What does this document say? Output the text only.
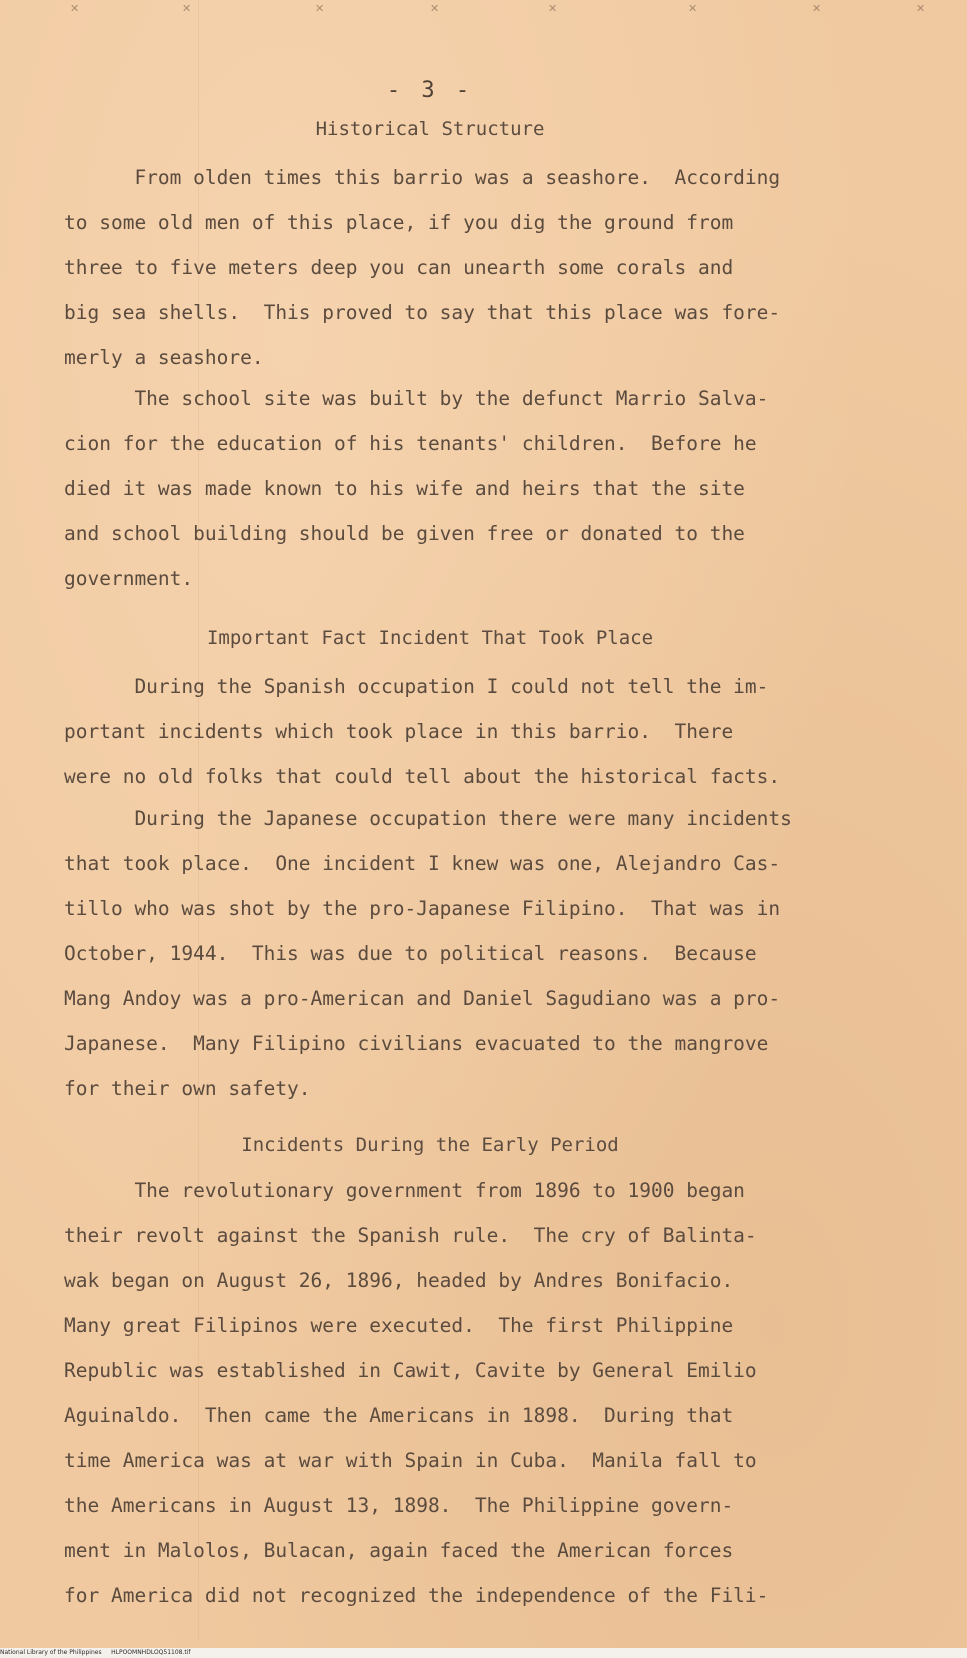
✕	✕	✕	✕	✕	✕	✕	✕
- 3 -
Historical Structure
From olden times this barrio was a seashore.  According
to some old men of this place, if you dig the ground from
three to five meters deep you can unearth some corals and
big sea shells.  This proved to say that this place was fore-
merly a seashore.
The school site was built by the defunct Marrio Salva-
cion for the education of his tenants' children.  Before he
died it was made known to his wife and heirs that the site
and school building should be given free or donated to the
government.
Important Fact Incident That Took Place
During the Spanish occupation I could not tell the im-
portant incidents which took place in this barrio.  There
were no old folks that could tell about the historical facts.
During the Japanese occupation there were many incidents
that took place.  One incident I knew was one, Alejandro Cas-
tillo who was shot by the pro-Japanese Filipino.  That was in
October, 1944.  This was due to political reasons.  Because
Mang Andoy was a pro-American and Daniel Sagudiano was a pro-
Japanese.  Many Filipino civilians evacuated to the mangrove
for their own safety.
Incidents During the Early Period
The revolutionary government from 1896 to 1900 began
their revolt against the Spanish rule.  The cry of Balinta-
wak began on August 26, 1896, headed by Andres Bonifacio.
Many great Filipinos were executed.  The first Philippine
Republic was established in Cawit, Cavite by General Emilio
Aguinaldo.  Then came the Americans in 1898.  During that
time America was at war with Spain in Cuba.  Manila fall to
the Americans in August 13, 1898.  The Philippine govern-
ment in Malolos, Bulacan, again faced the American forces
for America did not recognized the independence of the Fili-
National Library of the Philippines     HLPOOMNHDLOQ51108.tif
